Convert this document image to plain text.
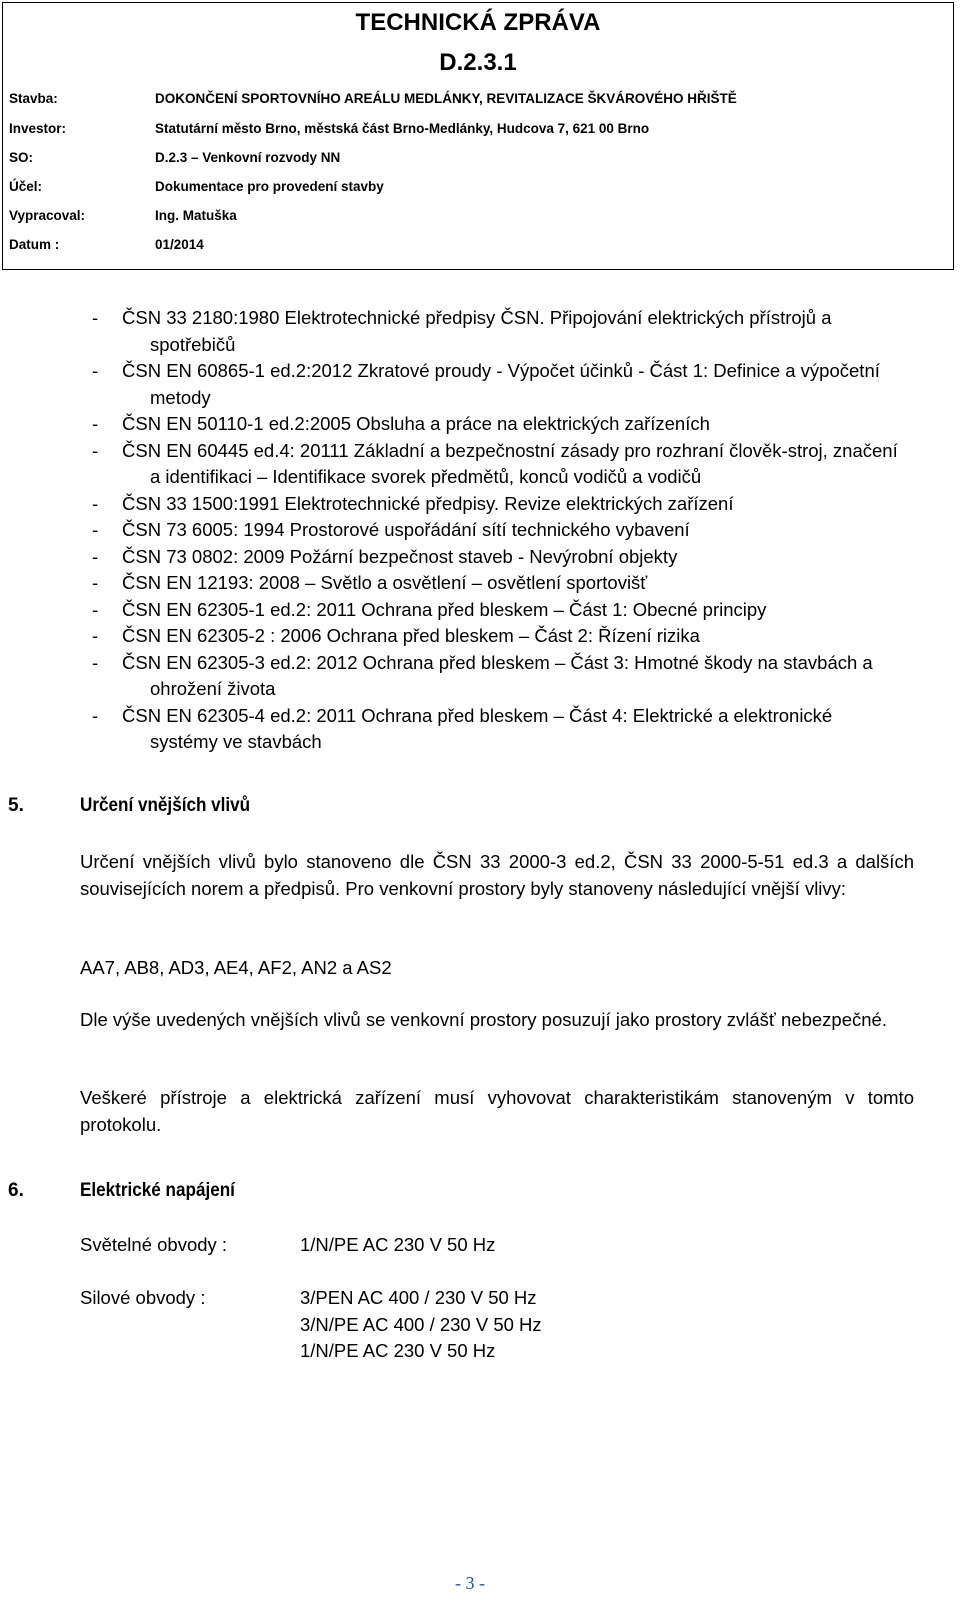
TECHNICKÁ ZPRÁVA
D.2.3.1
Stavba:	DOKONČENÍ SPORTOVNÍHO AREÁLU MEDLÁNKY, REVITALIZACE ŠKVÁROVÉHO HŘIŠTĚ
Investor:	Statutární město Brno, městská část Brno-Medlánky, Hudcova 7, 621 00 Brno
SO:	D.2.3 – Venkovní rozvody NN
Účel:	Dokumentace pro provedení stavby
Vypracoval:	Ing. Matuška
Datum :	01/2014
-	ČSN 33 2180:1980 Elektrotechnické předpisy ČSN. Připojování elektrických přístrojů a spotřebičů
-	ČSN EN 60865-1 ed.2:2012 Zkratové proudy - Výpočet účinků - Část 1: Definice a výpočetní metody
-	ČSN EN 50110-1 ed.2:2005 Obsluha a práce na elektrických zařízeních
-	ČSN EN 60445 ed.4: 20111 Základní a bezpečnostní zásady pro rozhraní člověk-stroj, značení a identifikaci – Identifikace svorek předmětů, konců vodičů a vodičů
-	ČSN 33 1500:1991 Elektrotechnické předpisy. Revize elektrických zařízení
-	ČSN 73 6005: 1994 Prostorové uspořádání sítí technického vybavení
-	ČSN 73 0802: 2009 Požární bezpečnost staveb - Nevýrobní objekty
-	ČSN EN 12193: 2008 – Světlo a osvětlení – osvětlení sportovišť
-	ČSN EN 62305-1 ed.2: 2011 Ochrana před bleskem – Část 1: Obecné principy
-	ČSN EN 62305-2 : 2006 Ochrana před bleskem – Část 2: Řízení rizika
-	ČSN EN 62305-3 ed.2: 2012 Ochrana před bleskem – Část 3: Hmotné škody na stavbách a ohrožení života
-	ČSN EN 62305-4 ed.2: 2011 Ochrana před bleskem – Část 4: Elektrické a elektronické systémy ve stavbách
5.	Určení vnějších vlivů
Určení vnějších vlivů bylo stanoveno dle ČSN 33 2000-3 ed.2, ČSN 33 2000-5-51 ed.3 a dalších souvisejících norem a předpisů. Pro venkovní prostory byly stanoveny následující vnější vlivy:
AA7, AB8, AD3, AE4, AF2, AN2 a AS2
Dle výše uvedených vnějších vlivů se venkovní prostory posuzují jako prostory zvlášť nebezpečné.
Veškeré přístroje a elektrická zařízení musí vyhovovat charakteristikám stanoveným v tomto protokolu.
6.	Elektrické napájení
Světelné obvody :	1/N/PE AC 230 V 50 Hz
Silové obvody :	3/PEN AC 400 / 230 V 50 Hz
3/N/PE AC 400 / 230 V 50 Hz
1/N/PE AC 230 V 50 Hz
- 3 -
